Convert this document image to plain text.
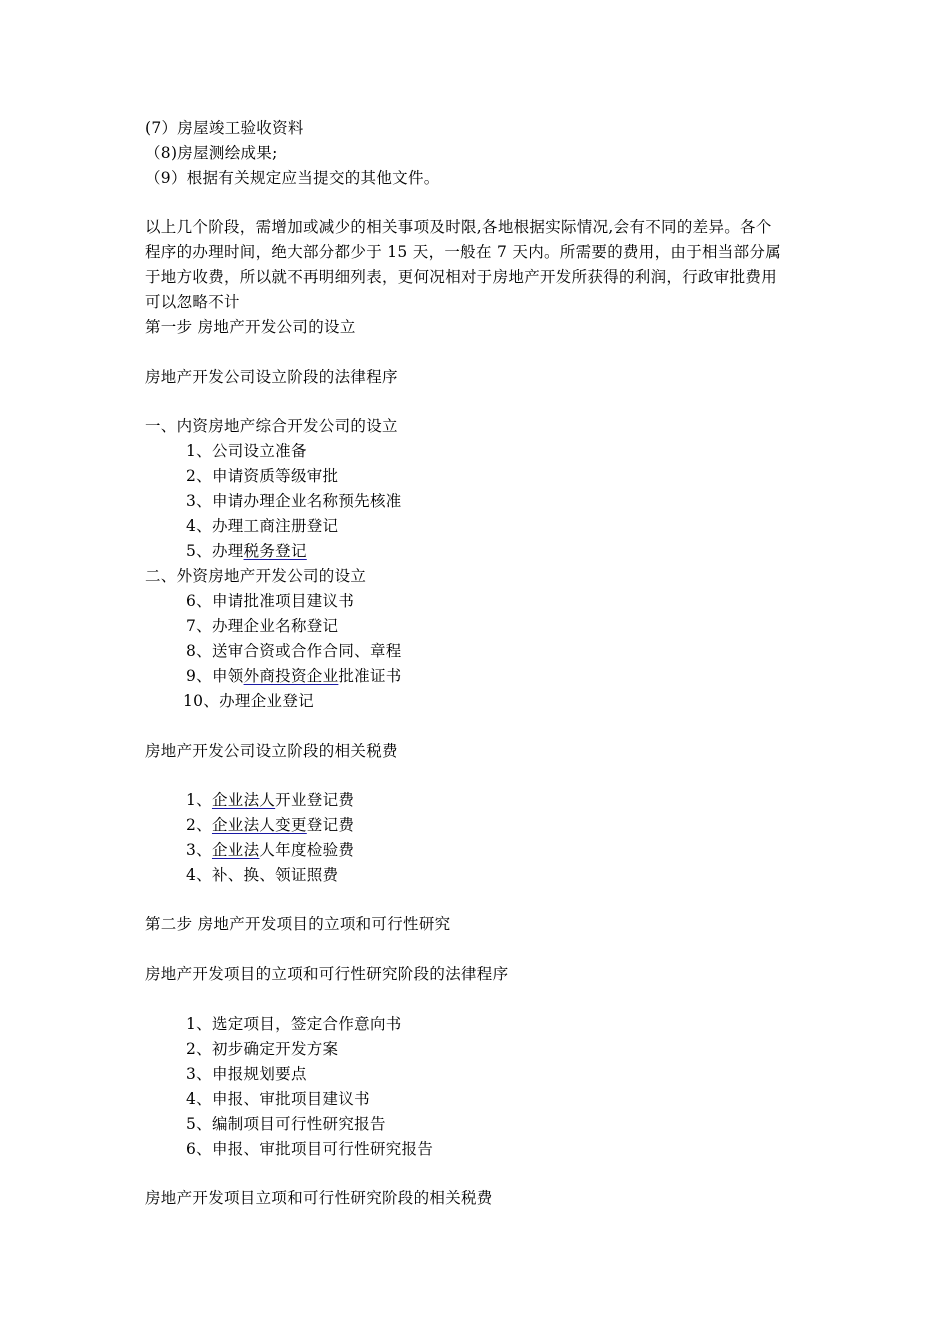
(7）房屋竣工验收资料
（8)房屋测绘成果;
（9）根据有关规定应当提交的其他文件。
以上几个阶段，需增加或减少的相关事项及时限,各地根据实际情况,会有不同的差异。各个
程序的办理时间，绝大部分都少于 15 天，一般在 7 天内。所需要的费用，由于相当部分属
于地方收费，所以就不再明细列表，更何况相对于房地产开发所获得的利润，行政审批费用
可以忽略不计
第一步 房地产开发公司的设立
房地产开发公司设立阶段的法律程序
一、内资房地产综合开发公司的设立
1、公司设立准备
2、申请资质等级审批
3、申请办理企业名称预先核准
4、办理工商注册登记
5、办理税务登记
二、外资房地产开发公司的设立
6、申请批准项目建议书
7、办理企业名称登记
8、送审合资或合作合同、章程
9、申领外商投资企业批准证书
10、办理企业登记
房地产开发公司设立阶段的相关税费
1、企业法人开业登记费
2、企业法人变更登记费
3、企业法人年度检验费
4、补、换、领证照费
第二步 房地产开发项目的立项和可行性研究
房地产开发项目的立项和可行性研究阶段的法律程序
1、选定项目，签定合作意向书
2、初步确定开发方案
3、申报规划要点
4、申报、审批项目建议书
5、编制项目可行性研究报告
6、申报、审批项目可行性研究报告
房地产开发项目立项和可行性研究阶段的相关税费
